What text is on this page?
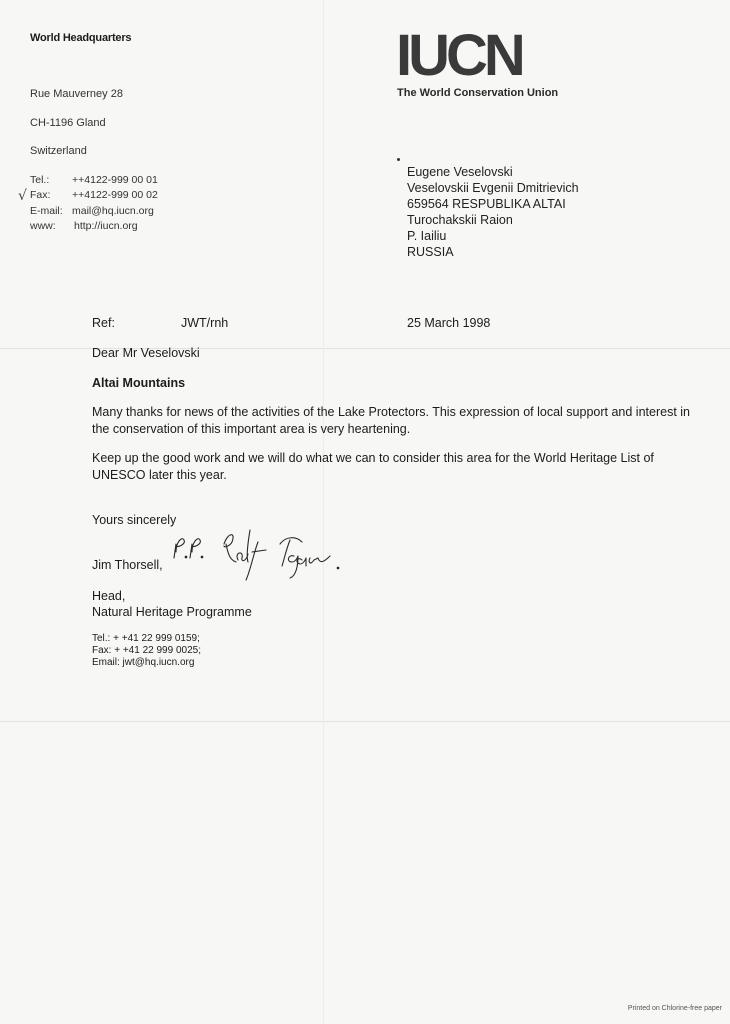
World Headquarters
Rue Mauverney 28
CH-1196 Gland
Switzerland
√
Tel.: ++4122-999 00 01
Fax: ++4122-999 00 02
E-mail: mail@hq.iucn.org
www: http://iucn.org
IUCN
The World Conservation Union
Eugene Veselovski
Veselovskii Evgenii Dmitrievich
659564 RESPUBLIKA ALTAI
Turochakskii Raion
P. Iailiu
RUSSIA
Ref:	JWT/rnh	25 March 1998
Dear Mr Veselovski
Altai Mountains
Many thanks for news of the activities of the Lake Protectors. This expression of local support and interest in the conservation of this important area is very heartening.
Keep up the good work and we will do what we can to consider this area for the World Heritage List of UNESCO later this year.
Yours sincerely
Jim Thorsell,
Head,
Natural Heritage Programme
Tel.: + +41 22 999 0159;
Fax: + +41 22 999 0025;
Email: jwt@hq.iucn.org
Printed on Chlorine-free paper
